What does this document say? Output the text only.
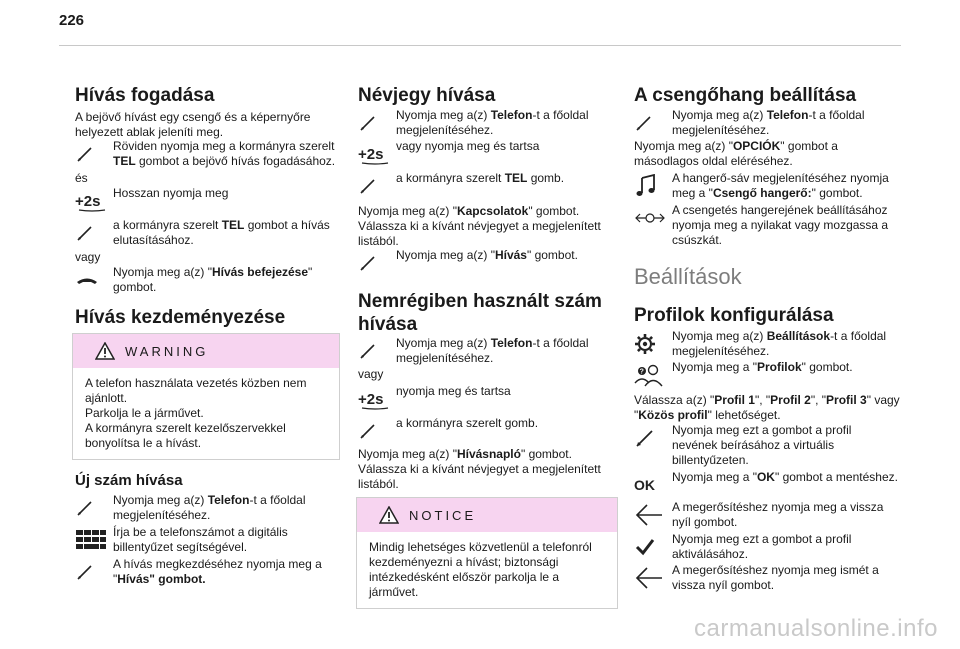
226
Hívás fogadása

A bejövő hívást egy csengő és a képernyőre helyezett ablak jeleníti meg.

Röviden nyomja meg a kormányra szerelt TEL gombot a bejövő hívás fogadásához.

és

+2s Hosszan nyomja meg
a kormányra szerelt TEL gombot a hívás elutasításához.

vagy

Nyomja meg a(z) "Hívás befejezése" gombot.
Hívás kezdeményezése
WARNING
A telefon használata vezetés közben nem ajánlott.
Parkolja le a járművet.
A kormányra szerelt kezelőszervekkel bonyolítsa le a hívást.
Új szám hívása
Nyomja meg a(z) Telefon-t a főoldal megjelenítéséhez.
Írja be a telefonszámot a digitális billentyűzet segítségével.
A hívás megkezdéséhez nyomja meg a "Hívás" gombot.
Névjegy hívása
Nyomja meg a(z) Telefon-t a főoldal megjelenítéséhez.
+2s vagy nyomja meg és tartsa
a kormányra szerelt TEL gomb.

Nyomja meg a(z) "Kapcsolatok" gombot.
Válassza ki a kívánt névjegyet a megjelenített listából.

Nyomja meg a(z) "Hívás" gombot.
Nemrégiben használt szám hívása
Nyomja meg a(z) Telefon-t a főoldal megjelenítéséhez.

vagy

+2s nyomja meg és tartsa
a kormányra szerelt gomb.

Nyomja meg a(z) "Hívásnapló" gombot.
Válassza ki a kívánt névjegyet a megjelenített listából.

NOTICE
Mindig lehetséges közvetlenül a telefonról kezdeményezni a hívást; biztonsági intézkedésként először parkolja le a járművet.
A csengőhang beállítása
Nyomja meg a(z) Telefon-t a főoldal megjelenítéséhez.

Nyomja meg a(z) "OPCIÓK" gombot a másodlagos oldal eléréséhez.

A hangerő-sáv megjelenítéséhez nyomja meg a "Csengő hangerő:" gombot.
A csengetés hangerejének beállításához nyomja meg a nyilakat vagy mozgassa a csúszkát.
Beállítások
Profilok konfigurálása
Nyomja meg a(z) Beállítások-t a főoldal megjelenítéséhez.
? Nyomja meg a "Profilok" gombot.

Válassza a(z) "Profil 1", "Profil 2", "Profil 3" vagy "Közös profil" lehetőséget.

Nyomja meg ezt a gombot a profil nevének beírásához a virtuális billentyűzeten.
OK Nyomja meg a "OK" gombot a mentéshez.
A megerősítéshez nyomja meg a vissza nyíl gombot.
Nyomja meg ezt a gombot a profil aktiválásához.
A megerősítéshez nyomja meg ismét a vissza nyíl gombot.
carmanualsonline.info
